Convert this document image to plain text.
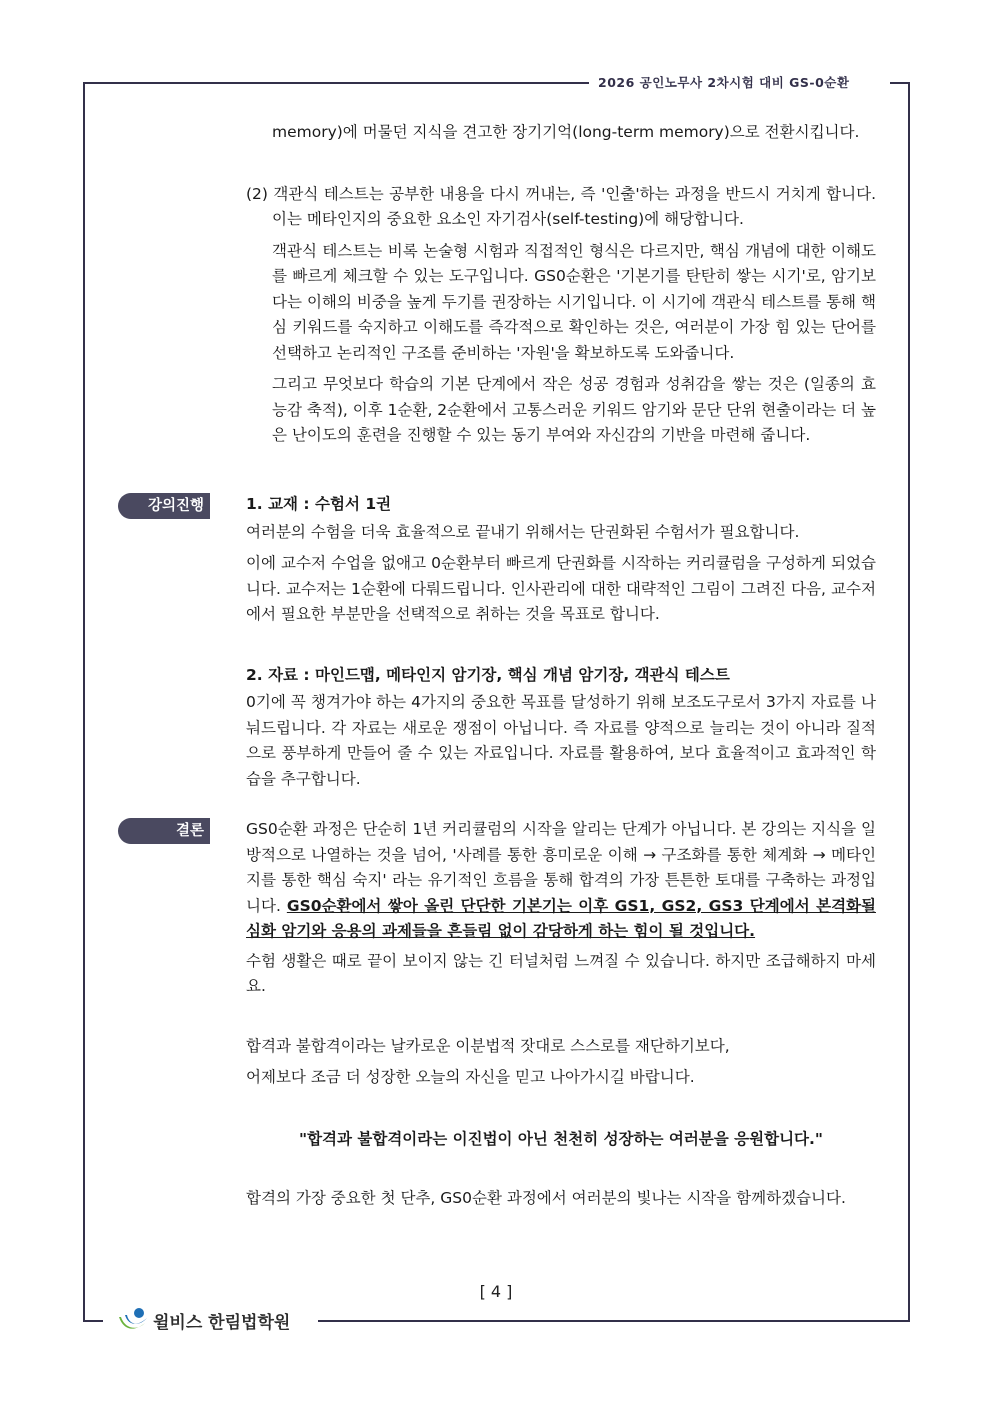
2026 공인노무사 2차시험 대비 GS-0순환

memory)에 머물던 지식을 견고한 장기기억(long-term memory)으로 전환시킵니다.

(2) 객관식 테스트는 공부한 내용을 다시 꺼내는, 즉 '인출'하는 과정을 반드시 거치게 합니다. 이는 메타인지의 중요한 요소인 자기검사(self-testing)에 해당합니다.

객관식 테스트는 비록 논술형 시험과 직접적인 형식은 다르지만, 핵심 개념에 대한 이해도를 빠르게 체크할 수 있는 도구입니다. GS0순환은 '기본기를 탄탄히 쌓는 시기'로, 암기보다는 이해의 비중을 높게 두기를 권장하는 시기입니다. 이 시기에 객관식 테스트를 통해 핵심 키워드를 숙지하고 이해도를 즉각적으로 확인하는 것은, 여러분이 가장 힘 있는 단어를 선택하고 논리적인 구조를 준비하는 '자원'을 확보하도록 도와줍니다.

그리고 무엇보다 학습의 기본 단계에서 작은 성공 경험과 성취감을 쌓는 것은 (일종의 효능감 축적), 이후 1순환, 2순환에서 고통스러운 키워드 암기와 문단 단위 현출이라는 더 높은 난이도의 훈련을 진행할 수 있는 동기 부여와 자신감의 기반을 마련해 줍니다.

강의진행	1. 교재 : 수험서 1권

여러분의 수험을 더욱 효율적으로 끝내기 위해서는 단권화된 수험서가 필요합니다.

이에 교수저 수업을 없애고 0순환부터 빠르게 단권화를 시작하는 커리큘럼을 구성하게 되었습니다. 교수저는 1순환에 다뤄드립니다. 인사관리에 대한 대략적인 그림이 그려진 다음, 교수저에서 필요한 부분만을 선택적으로 취하는 것을 목표로 합니다.

2. 자료 : 마인드맵, 메타인지 암기장, 핵심 개념 암기장, 객관식 테스트

0기에 꼭 챙겨가야 하는 4가지의 중요한 목표를 달성하기 위해 보조도구로서 3가지 자료를 나눠드립니다. 각 자료는 새로운 쟁점이 아닙니다. 즉 자료를 양적으로 늘리는 것이 아니라 질적으로 풍부하게 만들어 줄 수 있는 자료입니다. 자료를 활용하여, 보다 효율적이고 효과적인 학습을 추구합니다.

결론	GS0순환 과정은 단순히 1년 커리큘럼의 시작을 알리는 단계가 아닙니다. 본 강의는 지식을 일방적으로 나열하는 것을 넘어, '사례를 통한 흥미로운 이해 → 구조화를 통한 체계화 → 메타인지를 통한 핵심 숙지' 라는 유기적인 흐름을 통해 합격의 가장 튼튼한 토대를 구축하는 과정입니다. GS0순환에서 쌓아 올린 단단한 기본기는 이후 GS1, GS2, GS3 단계에서 본격화될 심화 암기와 응용의 과제들을 흔들림 없이 감당하게 하는 힘이 될 것입니다.

수험 생활은 때로 끝이 보이지 않는 긴 터널처럼 느껴질 수 있습니다. 하지만 조급해하지 마세요.

합격과 불합격이라는 날카로운 이분법적 잣대로 스스로를 재단하기보다,

어제보다 조금 더 성장한 오늘의 자신을 믿고 나아가시길 바랍니다.

"합격과 불합격이라는 이진법이 아닌 천천히 성장하는 여러분을 응원합니다."

합격의 가장 중요한 첫 단추, GS0순환 과정에서 여러분의 빛나는 시작을 함께하겠습니다.

[ 4 ]
윌비스 한림법학원
